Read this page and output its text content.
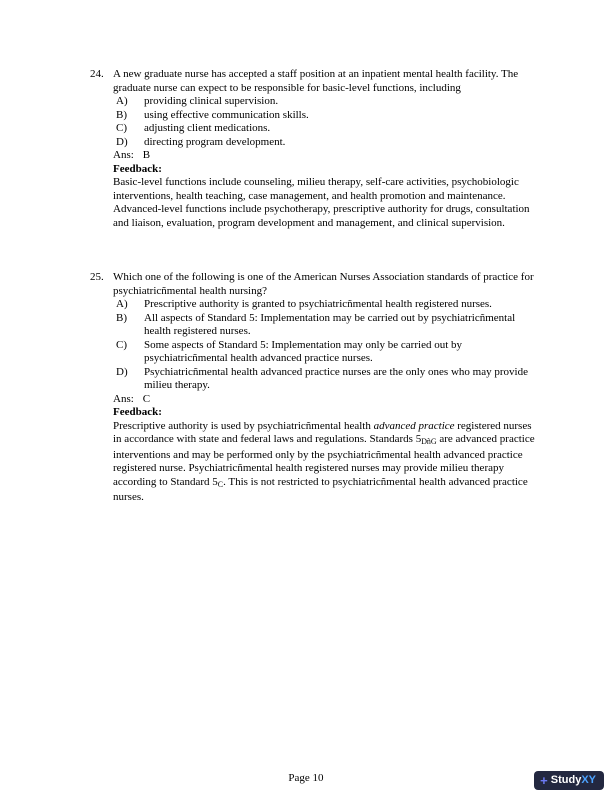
24. A new graduate nurse has accepted a staff position at an inpatient mental health facility. The graduate nurse can expect to be responsible for basic-level functions, including
A)	providing clinical supervision.
B)	using effective communication skills.
C)	adjusting client medications.
D)	directing program development.
Ans: B
Feedback:
Basic-level functions include counseling, milieu therapy, self-care activities, psychobiologic interventions, health teaching, case management, and health promotion and maintenance. Advanced-level functions include psychotherapy, prescriptive authority for drugs, consultation and liaison, evaluation, program development and management, and clinical supervision.
25. Which one of the following is one of the American Nurses Association standards of practice for psychiatricñmental health nursing?
A)	Prescriptive authority is granted to psychiatricñmental health registered nurses.
B)	All aspects of Standard 5: Implementation may be carried out by psychiatricñmental health registered nurses.
C)	Some aspects of Standard 5: Implementation may only be carried out by psychiatricñmental health advanced practice nurses.
D)	Psychiatricñmental health advanced practice nurses are the only ones who may provide milieu therapy.
Ans: C
Feedback:
Prescriptive authority is used by psychiatricñmental health advanced practice registered nurses in accordance with state and federal laws and regulations. Standards 5DñG are advanced practice interventions and may be performed only by the psychiatricñmental health advanced practice registered nurse. Psychiatricñmental health registered nurses may provide milieu therapy according to Standard 5C. This is not restricted to psychiatricñmental health advanced practice nurses.
Page 10	+ Study XY
